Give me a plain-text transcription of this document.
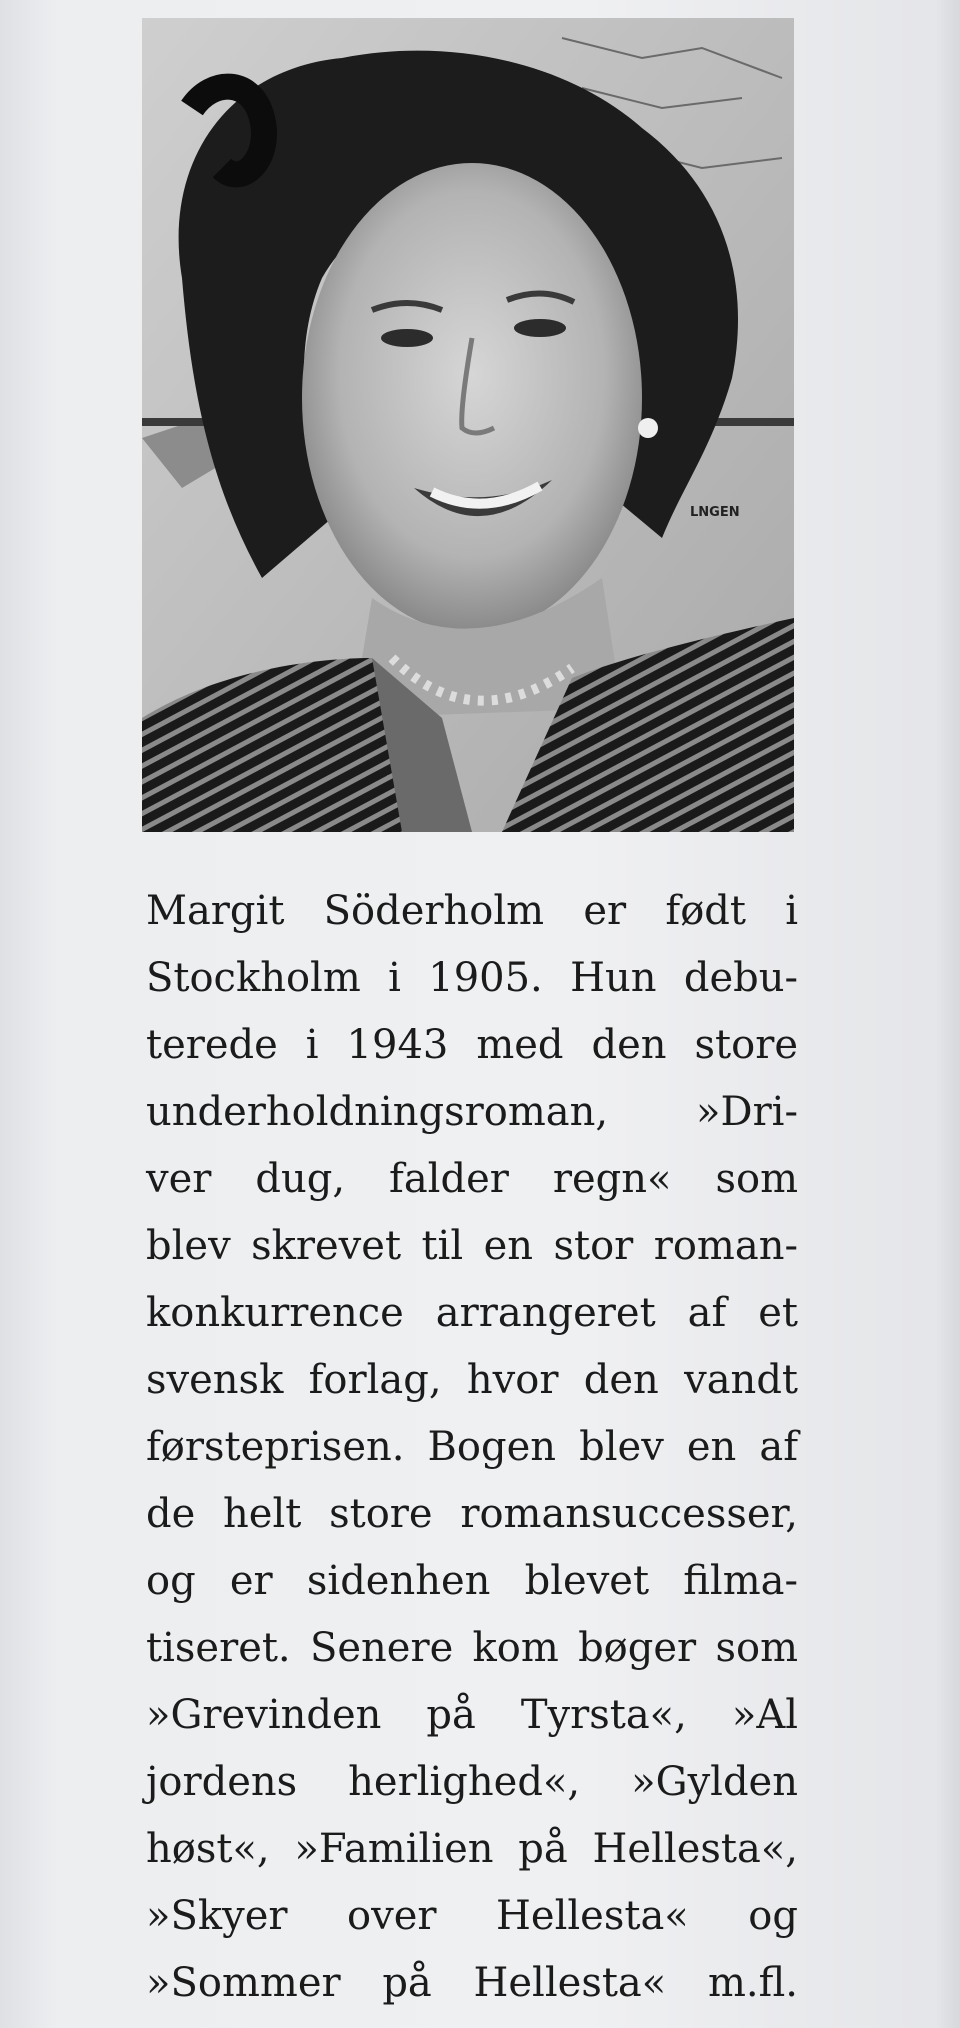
LNGEN
Margit Söderholm er født i
Stockholm i 1905. Hun debu-
terede i 1943 med den store
underholdningsroman, »Dri-
ver dug, falder regn« som
blev skrevet til en stor roman-
konkurrence arrangeret af et
svensk forlag, hvor den vandt
førsteprisen. Bogen blev en af
de helt store romansuccesser,
og er sidenhen blevet filma-
tiseret. Senere kom bøger som
»Grevinden på Tyrsta«, »Al
jordens herlighed«, »Gylden
høst«, »Familien på Hellesta«,
»Skyer over Hellesta« og
»Sommer på Hellesta« m.fl.
